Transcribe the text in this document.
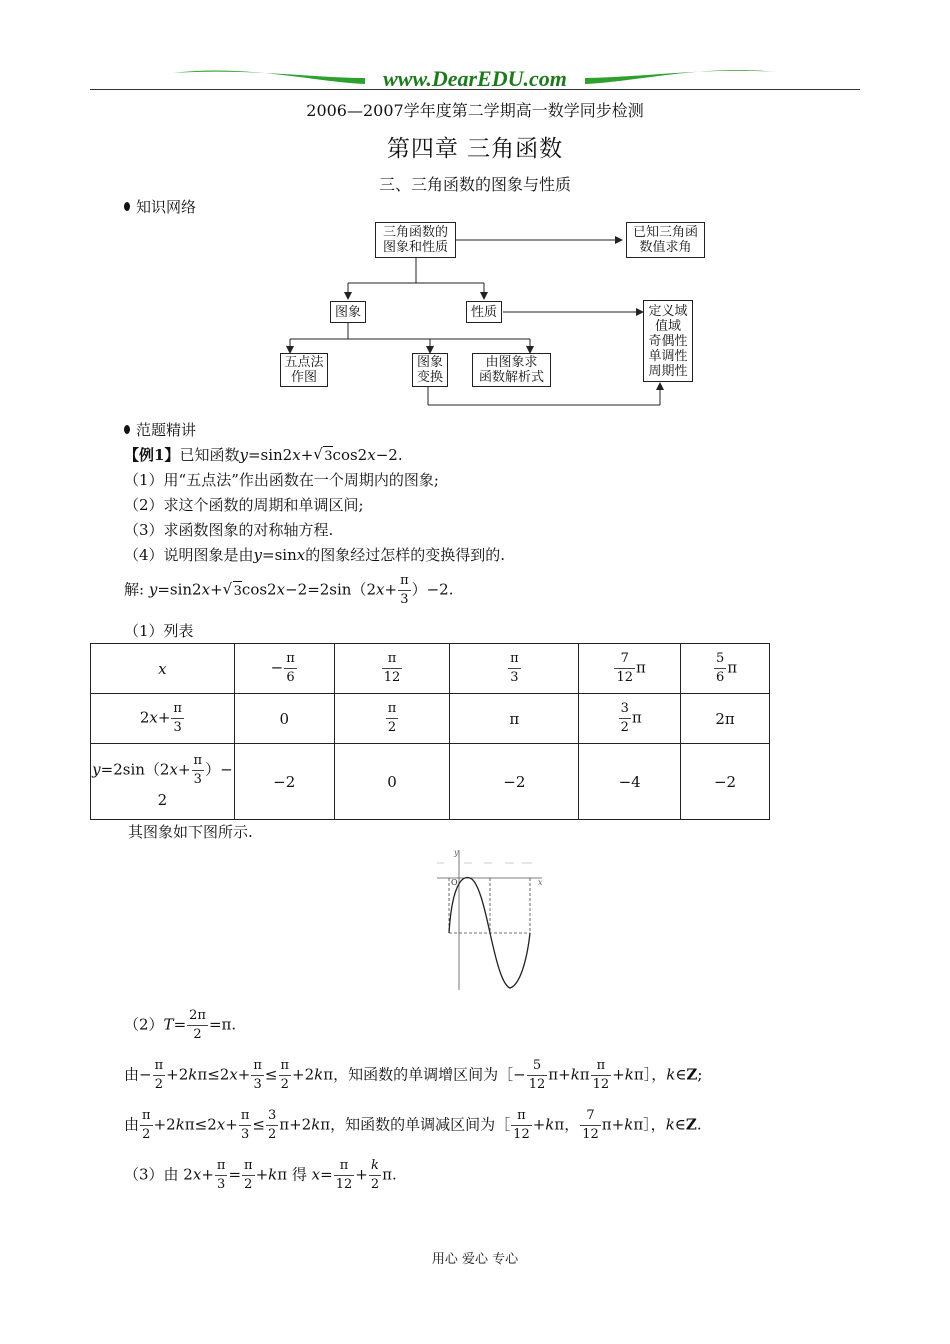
www.DearEDU.com
2006—2007学年度第二学期高一数学同步检测
第四章 三角函数
三、三角函数的图象与性质
知识网络
三角函数的
图象和性质
已知三角函
数值求角
图象	性质	定义域
值域
奇偶性
单调性
周期性
五点法
作图
图象
变换
由图象求
函数解析式
范题精讲
【例1】已知函数y=sin2x+ √ 3cos2x−2.
（1）用“五点法”作出函数在一个周期内的图象;
（2）求这个函数的周期和单调区间;
（3）求函数图象的对称轴方程.
（4）说明图象是由y=sinx的图象经过怎样的变换得到的.
解: y=sin2x+ √ $3\cos 2x-2=2\sin(2x+ \frac{\pi}{3} )-2$.
（1）列表
x	− $\frac{\pi}{6}$	$\frac{\pi}{12}$	$\frac{\pi}{3}$	$\frac{7}{12}$ π	$\frac{5}{6}$ π
$2x+ \frac{\pi}{3}$	0	$\frac{\pi}{2}$	π	$\frac{3}{2}$ π	2π
$y=2\sin(2x+ \frac{\pi}{3}$ ）−
2	−2	0	−2	−4	−2
其图象如下图所示.
y
x
O
$(2)T= \frac{2\pi}{2} =\pi$.
由− $\frac{\pi}{2} +2k\pi\le 2x+ \frac{\pi}{3} \le \frac{\pi}{2} +2k\pi$，知函数的单调增区间为［− $\frac{5}{12} \pi+k\pi \frac{\pi}{12}$ +kπ］，k∈Z;
由 $\frac{\pi}{2} +2k\pi\le 2x+ \frac{\pi}{3} \le \frac{3}{2} \pi+2k\pi$，知函数的单调减区间为［ $\frac{\pi}{12} +k\pi$， $\frac{7}{12}$ π+kπ］，k∈Z.
（3）由 $2x+ \frac{\pi}{3} = \frac{\pi}{2} +k\pi$ 得 $x= \frac{\pi}{12} + \frac{k}{2} \pi$.
用心 爱心 专心
